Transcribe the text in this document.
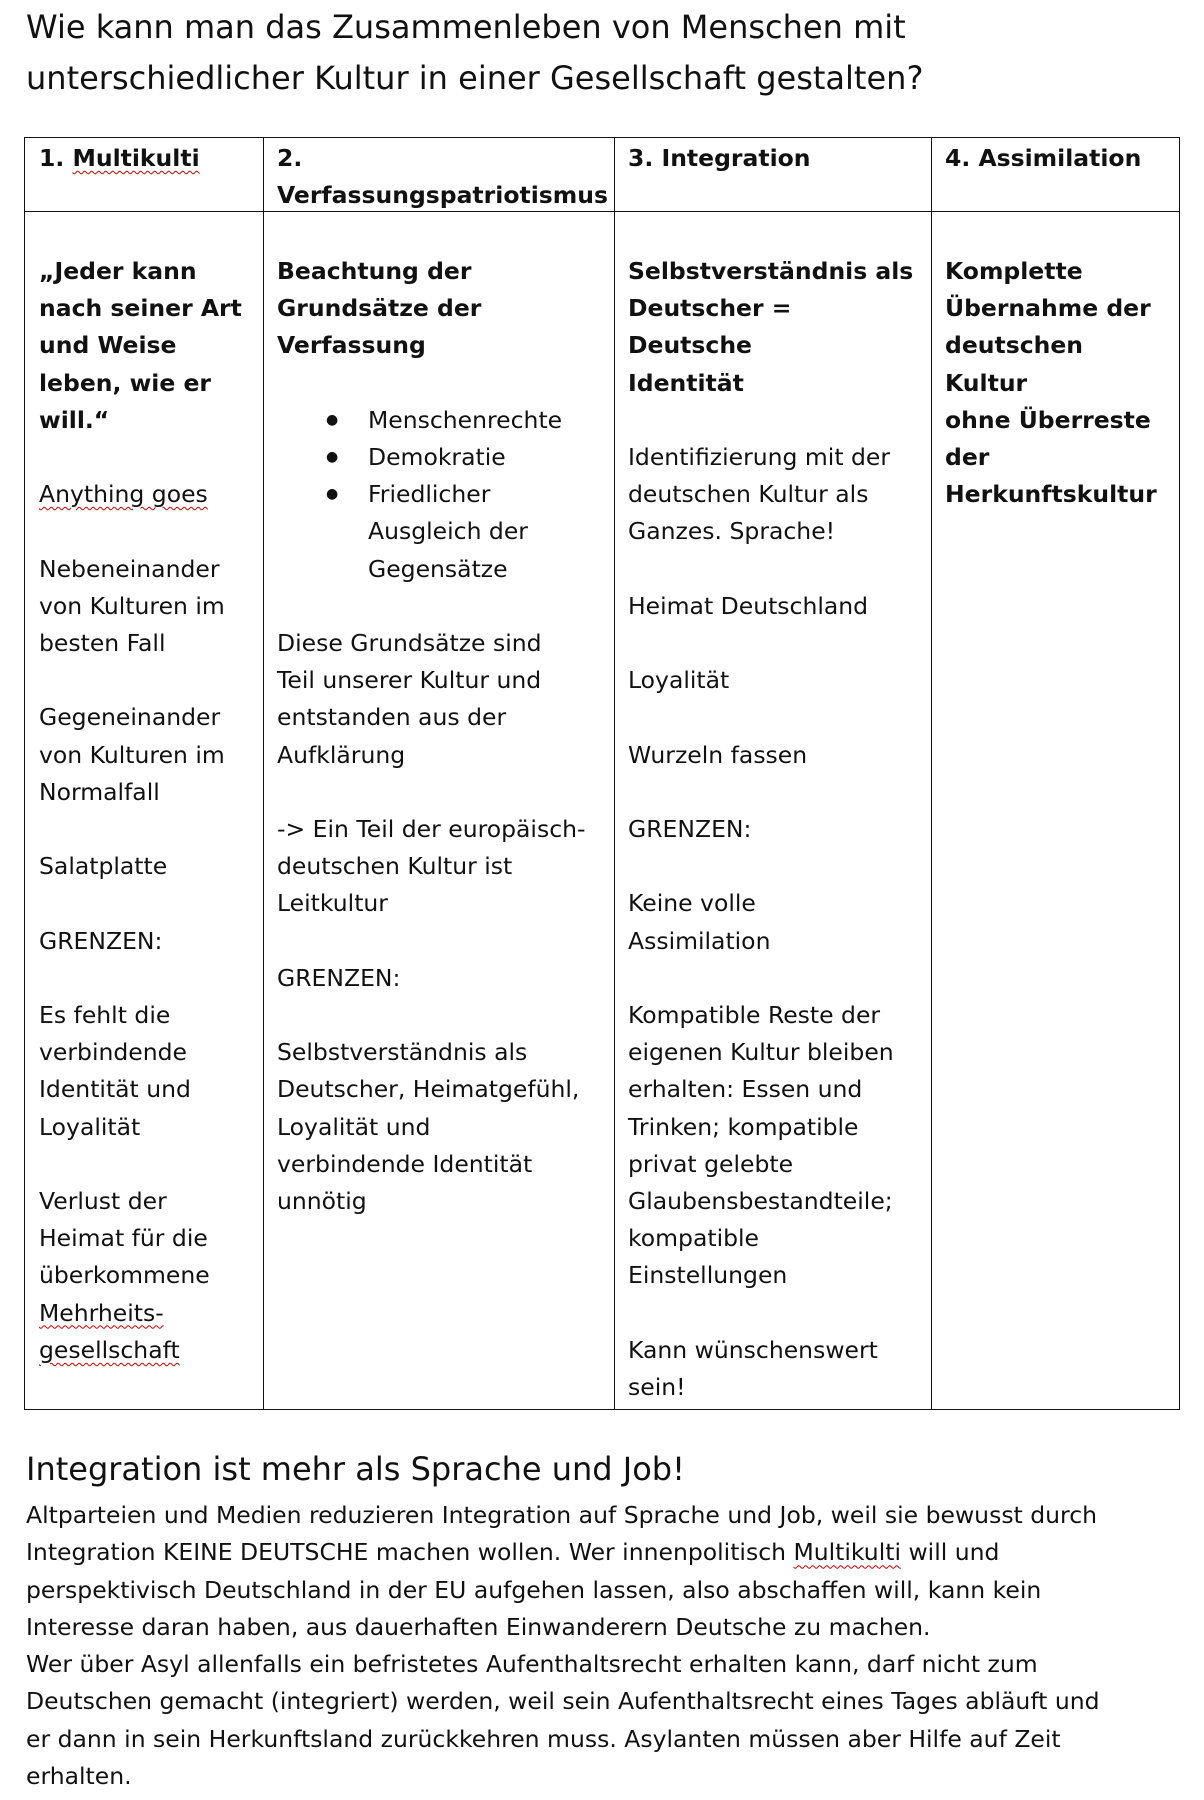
Wie kann man das Zusammenleben von Menschen mit
unterschiedlicher Kultur in einer Gesellschaft gestalten?
1. Multikulti	2.
Verfassungspatriotismus
3. Integration	4. Assimilation
„Jeder kann
nach seiner Art
und Weise
leben, wie er
will.“
Anything goes
Nebeneinander
von Kulturen im
besten Fall
Gegeneinander
von Kulturen im
Normalfall
Salatplatte
GRENZEN:
Es fehlt die
verbindende
Identität und
Loyalität
Verlust der
Heimat für die
überkommene
Mehrheits-
gesellschaft
Beachtung der
Grundsätze der
Verfassung
● Menschenrechte
● Demokratie
● Friedlicher Ausgleich der Gegensätze
Diese Grundsätze sind
Teil unserer Kultur und
entstanden aus der
Aufklärung
-> Ein Teil der europäisch-
deutschen Kultur ist
Leitkultur
GRENZEN:
Selbstverständnis als
Deutscher, Heimatgefühl,
Loyalität und
verbindende Identität
unnötig
Selbstverständnis als
Deutscher = Deutsche
Identität
Identifizierung mit der
deutschen Kultur als
Ganzes. Sprache!
Heimat Deutschland
Loyalität
Wurzeln fassen
GRENZEN:
Keine volle
Assimilation
Kompatible Reste der
eigenen Kultur bleiben
erhalten: Essen und
Trinken; kompatible
privat gelebte
Glaubensbestandteile;
kompatible
Einstellungen
Kann wünschenswert
sein!
Komplette
Übernahme der
deutschen Kultur
ohne Überreste
der
Herkunftskultur
Integration ist mehr als Sprache und Job!

Altparteien und Medien reduzieren Integration auf Sprache und Job, weil sie bewusst durch
Integration KEINE DEUTSCHE machen wollen. Wer innenpolitisch Multikulti will und
perspektivisch Deutschland in der EU aufgehen lassen, also abschaffen will, kann kein
Interesse daran haben, aus dauerhaften Einwanderern Deutsche zu machen.

Wer über Asyl allenfalls ein befristetes Aufenthaltsrecht erhalten kann, darf nicht zum
Deutschen gemacht (integriert) werden, weil sein Aufenthaltsrecht eines Tages abläuft und
er dann in sein Herkunftsland zurückkehren muss. Asylanten müssen aber Hilfe auf Zeit
erhalten.
